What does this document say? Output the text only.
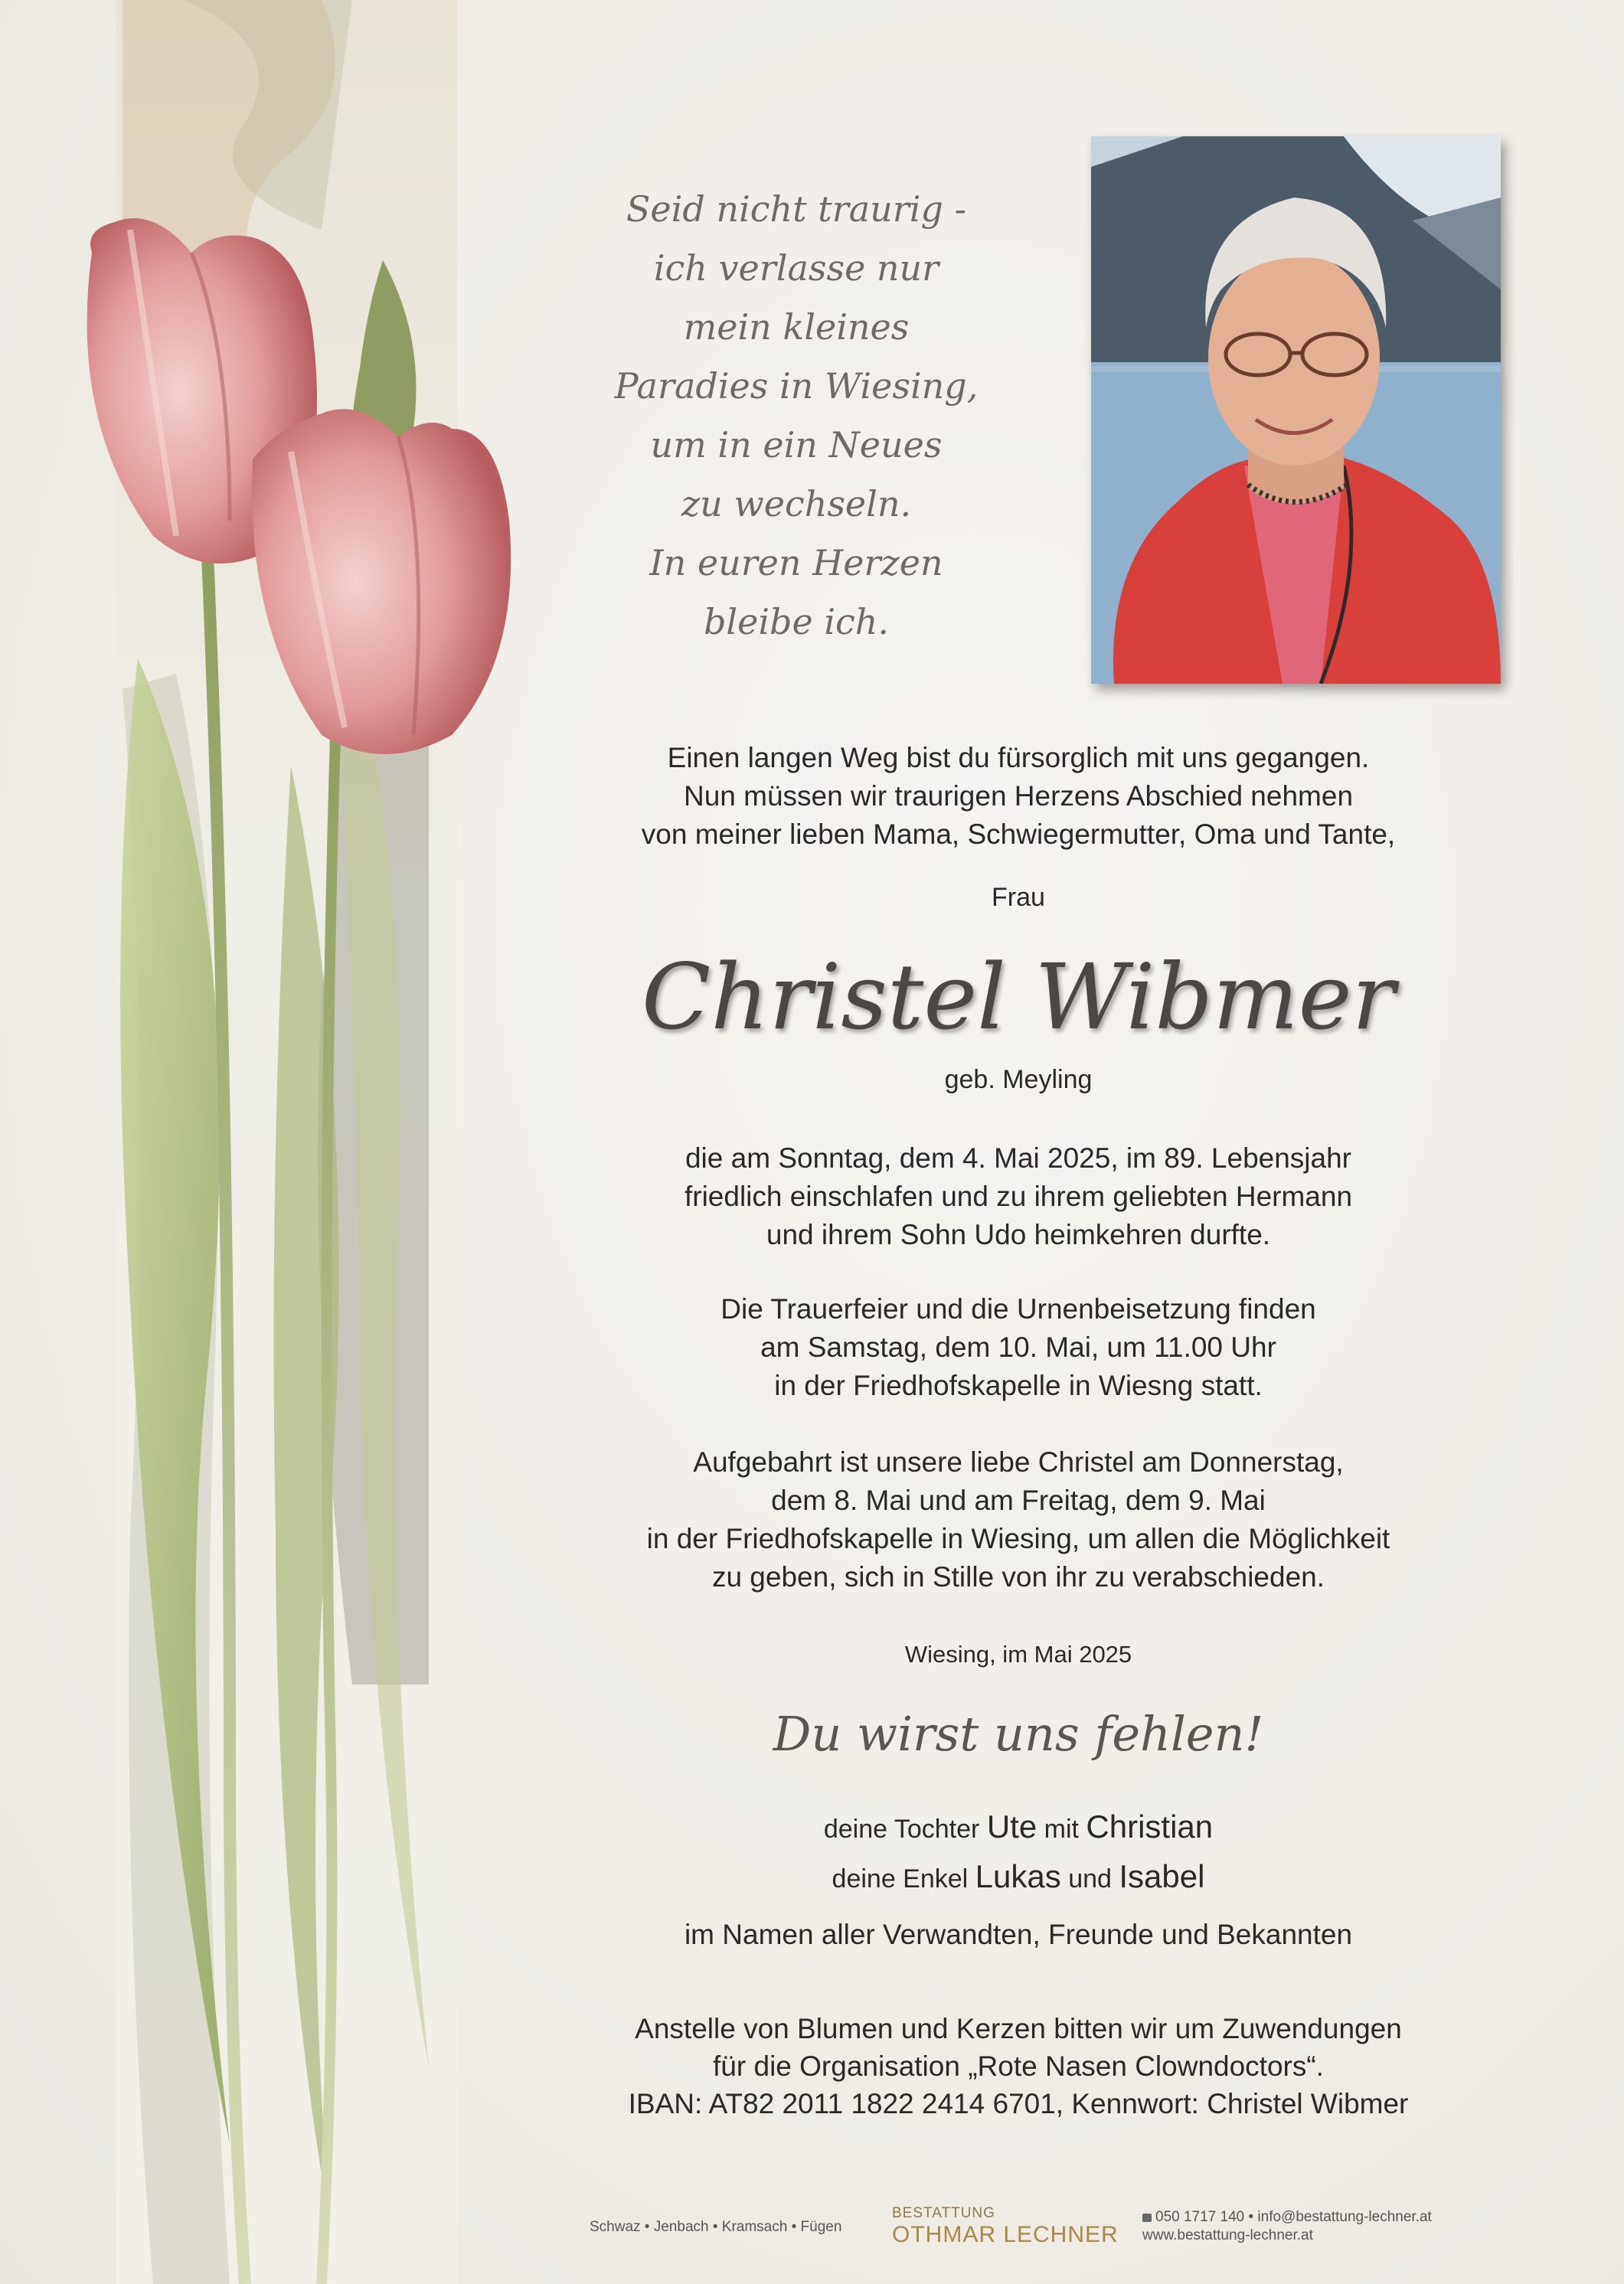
Seid nicht traurig -
ich verlasse nur
mein kleines
Paradies in Wiesing,
um in ein Neues
zu wechseln.
In euren Herzen
bleibe ich.
Einen langen Weg bist du fürsorglich mit uns gegangen.
Nun müssen wir traurigen Herzens Abschied nehmen
von meiner lieben Mama, Schwiegermutter, Oma und Tante,
Frau
Christel Wibmer
geb. Meyling
die am Sonntag, dem 4. Mai 2025, im 89. Lebensjahr
friedlich einschlafen und zu ihrem geliebten Hermann
und ihrem Sohn Udo heimkehren durfte.
Die Trauerfeier und die Urnenbeisetzung finden
am Samstag, dem 10. Mai, um 11.00 Uhr
in der Friedhofskapelle in Wiesng statt.
Aufgebahrt ist unsere liebe Christel am Donnerstag,
dem 8. Mai und am Freitag, dem 9. Mai
in der Friedhofskapelle in Wiesing, um allen die Möglichkeit
zu geben, sich in Stille von ihr zu verabschieden.
Wiesing, im Mai 2025
Du wirst uns fehlen!
deine Tochter Ute mit Christian
deine Enkel Lukas und Isabel
im Namen aller Verwandten, Freunde und Bekannten
Anstelle von Blumen und Kerzen bitten wir um Zuwendungen
für die Organisation „Rote Nasen Clowndoctors“.
IBAN: AT82 2011 1822 2414 6701, Kennwort: Christel Wibmer
Schwaz • Jenbach • Kramsach • Fügen
BESTATTUNG
OTHMAR LECHNER
050 1717 140 • info@bestattung-lechner.at
www.bestattung-lechner.at
